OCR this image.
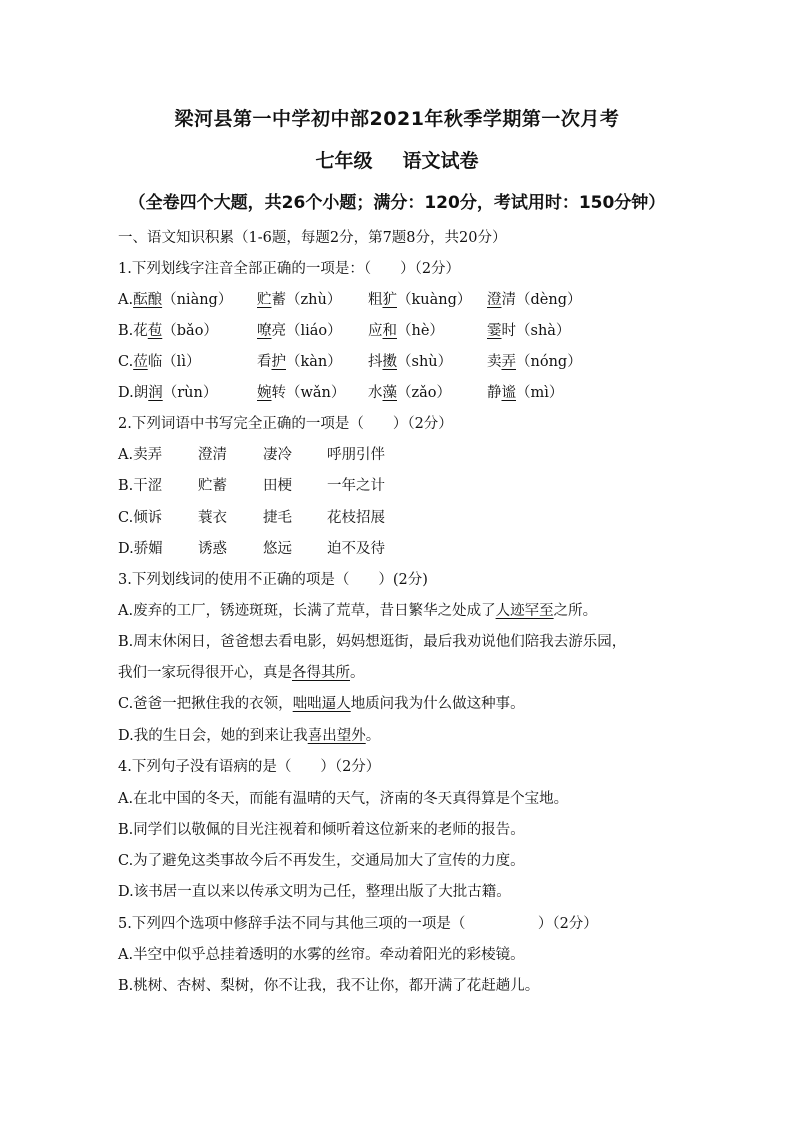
梁河县第一中学初中部2021年秋季学期第一次月考
七年级 语文试卷
（全卷四个大题，共26个小题；满分：120分，考试用时：150分钟）
一、语文知识积累（1-6题，每题2分，第7题8分，共20分）
1.下列划线字注音全部正确的一项是：（　　）（2分）
A.酝酿（niàng） 贮蓄（zhù） 粗犷（kuàng） 澄清（dèng）
B.花苞（bǎo）	嘹亮（liáo） 应和（hè）	霎时（shà）
C.莅临（lì）	看护（kàn） 抖擞（shù） 卖弄（nóng）
D.朗润（rùn）	婉转（wǎn） 水藻（zǎo） 静谧（mì）
2.下列词语中书写完全正确的一项是（　　）（2分）
A.卖弄 澄清 凄冷 呼朋引伴
B.干涩 贮蓄 田梗 一年之计
C.倾诉 蓑衣 捷毛 花枝招展
D.骄媚 诱惑 悠远 迫不及待
3.下列划线词的使用不正确的项是（　　）(2分)
A.废弃的工厂，锈迹斑斑，长满了荒草，昔日繁华之处成了人迹罕至之所。
B.周末休闲日，爸爸想去看电影，妈妈想逛街，最后我劝说他们陪我去游乐园，
我们一家玩得很开心，真是各得其所。
C.爸爸一把揪住我的衣领，咄咄逼人地质问我为什么做这种事。
D.我的生日会，她的到来让我喜出望外。
4.下列句子没有语病的是（　　）（2分）
A.在北中国的冬天，而能有温晴的天气，济南的冬天真得算是个宝地。
B.同学们以敬佩的目光注视着和倾听着这位新来的老师的报告。
C.为了避免这类事故今后不再发生，交通局加大了宣传的力度。
D.该书居一直以来以传承文明为己任，整理出版了大批古籍。
5.下列四个选项中修辞手法不同与其他三项的一项是（　　　　　）（2分）
A.半空中似乎总挂着透明的水雾的丝帘。牵动着阳光的彩棱镜。
B.桃树、杏树、梨树，你不让我，我不让你，都开满了花赶趟儿。
